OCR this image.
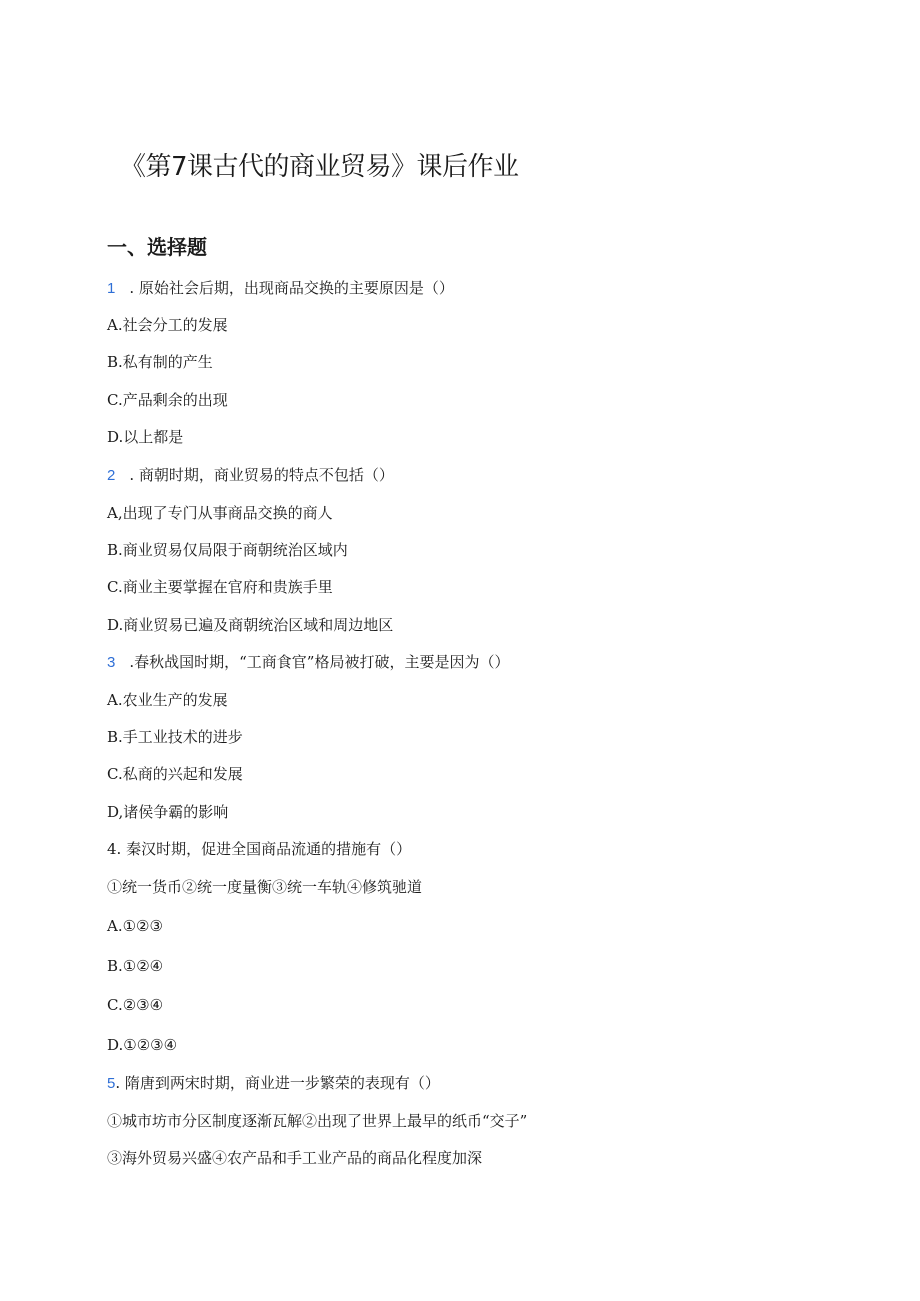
《第7课古代的商业贸易》课后作业
一、选择题
1 . 原始社会后期，出现商品交换的主要原因是（）
A.社会分工的发展
B.私有制的产生
C.产品剩余的出现
D.以上都是
2 . 商朝时期，商业贸易的特点不包括（）
A,出现了专门从事商品交换的商人
B.商业贸易仅局限于商朝统治区域内
C.商业主要掌握在官府和贵族手里
D.商业贸易已遍及商朝统治区域和周边地区
3 .春秋战国时期，“工商食官”格局被打破，主要是因为（）
A.农业生产的发展
B.手工业技术的进步
C.私商的兴起和发展
D,诸侯争霸的影响
4. 秦汉时期，促进全国商品流通的措施有（）
①统一货币②统一度量衡③统一车轨④修筑驰道
A.①②③
B.①②④
C.②③④
D.①②③④
5. 隋唐到两宋时期，商业进一步繁荣的表现有（）
①城市坊市分区制度逐渐瓦解②出现了世界上最早的纸币“交子”
③海外贸易兴盛④农产品和手工业产品的商品化程度加深
